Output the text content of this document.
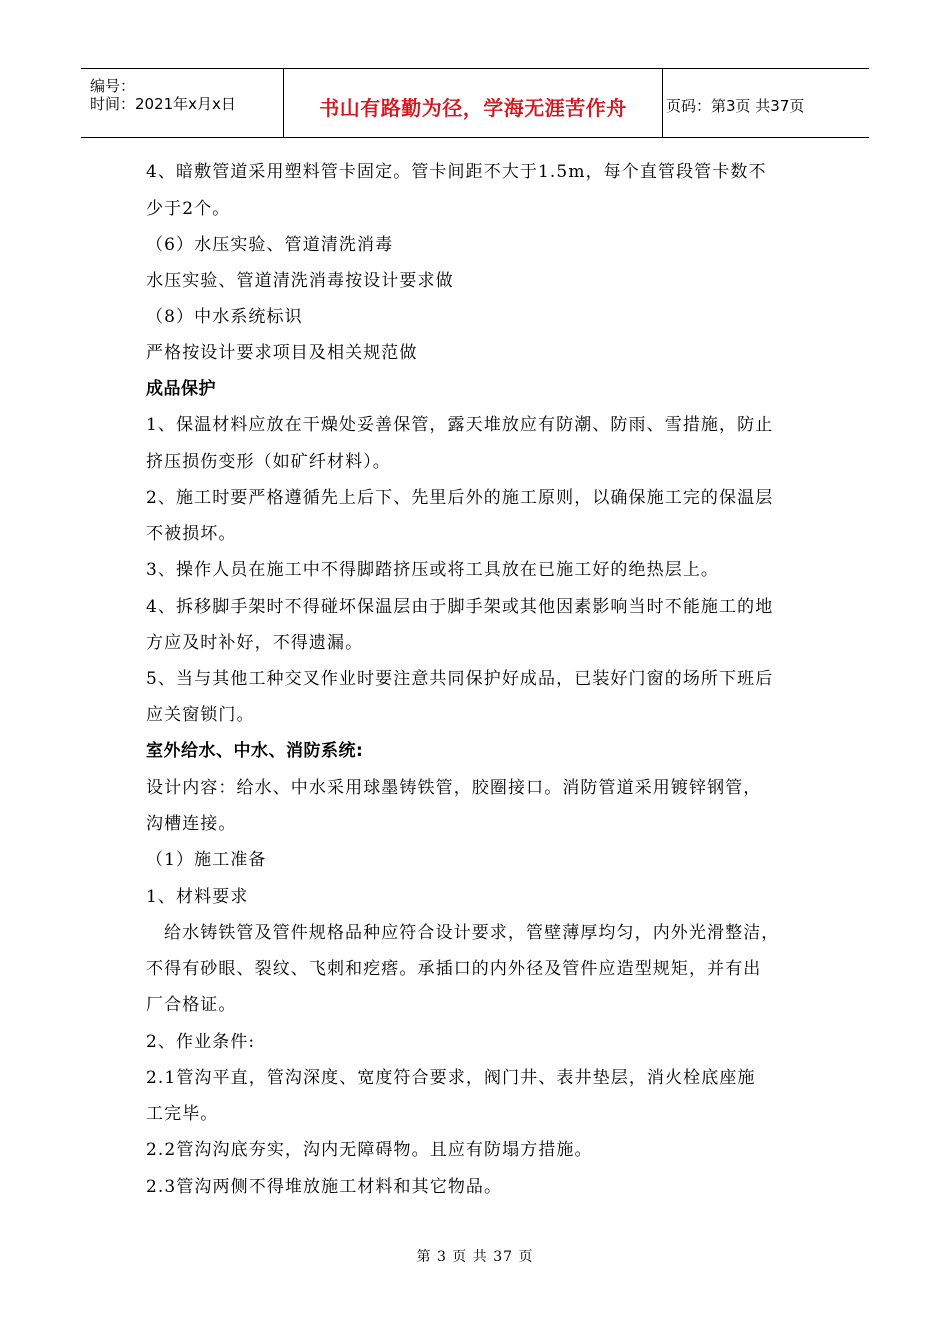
编号：
时间：2021年x月x日	书山有路勤为径，学海无涯苦作舟	页码：第3页 共37页
4、暗敷管道采用塑料管卡固定。管卡间距不大于1.5m，每个直管段管卡数不
少于2个。
（6）水压实验、管道清洗消毒
水压实验、管道清洗消毒按设计要求做
（8）中水系统标识
严格按设计要求项目及相关规范做
成品保护
1、保温材料应放在干燥处妥善保管，露天堆放应有防潮、防雨、雪措施，防止
挤压损伤变形（如矿纤材料）。
2、施工时要严格遵循先上后下、先里后外的施工原则，以确保施工完的保温层
不被损坏。
3、操作人员在施工中不得脚踏挤压或将工具放在已施工好的绝热层上。
4、拆移脚手架时不得碰坏保温层由于脚手架或其他因素影响当时不能施工的地
方应及时补好，不得遗漏。
5、当与其他工种交叉作业时要注意共同保护好成品，已装好门窗的场所下班后
应关窗锁门。
室外给水、中水、消防系统:
设计内容：给水、中水采用球墨铸铁管，胶圈接口。消防管道采用镀锌钢管，
沟槽连接。
（1）施工准备
1、材料要求
给水铸铁管及管件规格品种应符合设计要求，管壁薄厚均匀，内外光滑整洁，
不得有砂眼、裂纹、飞刺和疙瘩。承插口的内外径及管件应造型规矩，并有出
厂合格证。
2、作业条件:
2.1管沟平直，管沟深度、宽度符合要求，阀门井、表井垫层，消火栓底座施
工完毕。
2.2管沟沟底夯实，沟内无障碍物。且应有防塌方措施。
2.3管沟两侧不得堆放施工材料和其它物品。
第 3 页 共 37 页
